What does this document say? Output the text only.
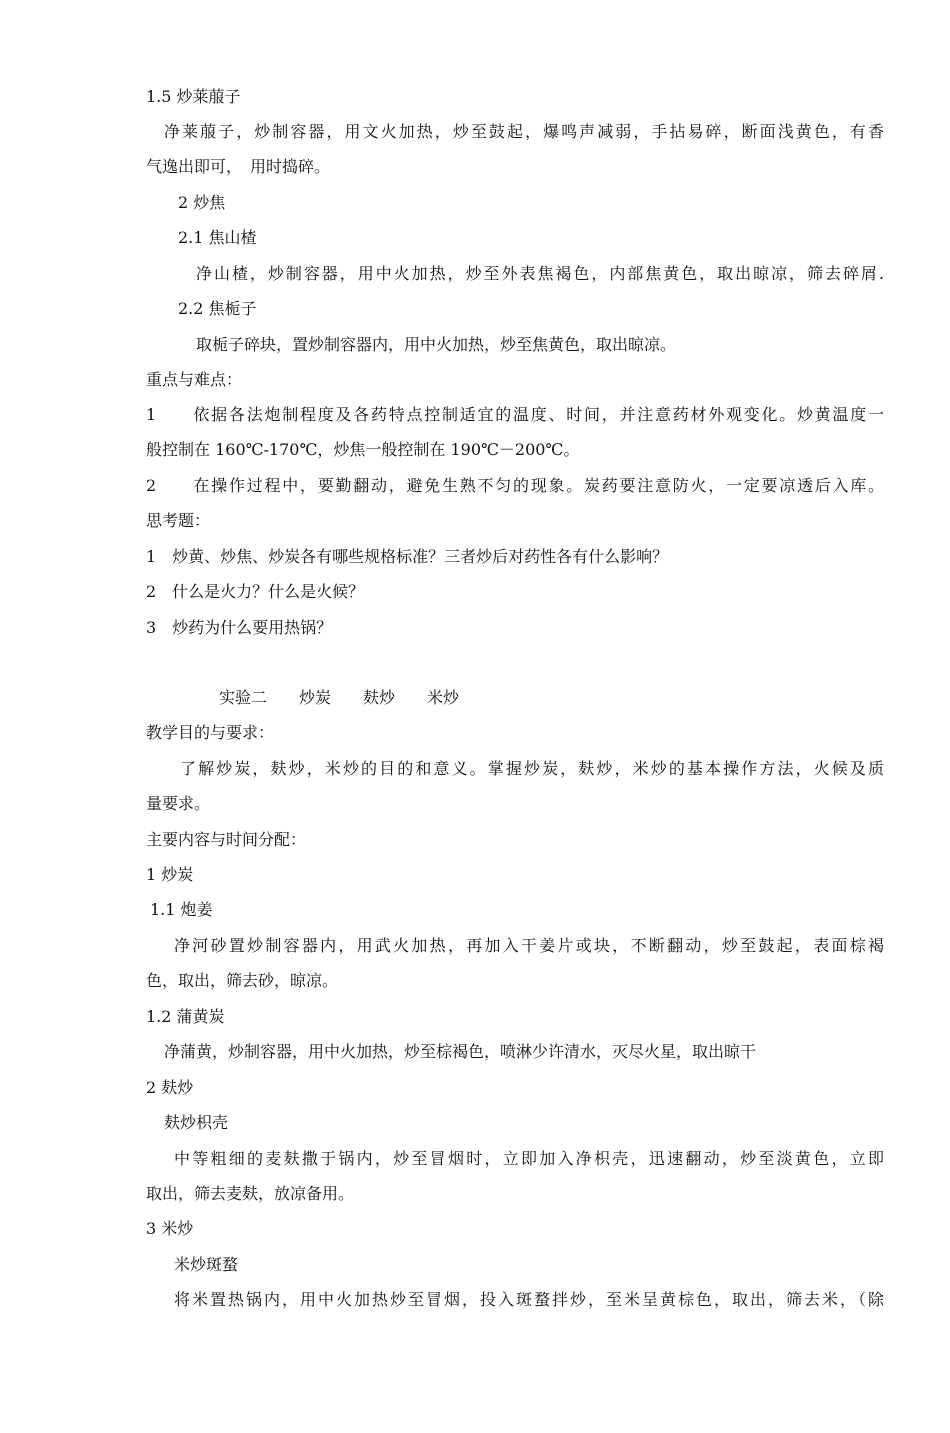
1.5 炒莱菔子
净莱菔子，炒制容器，用文火加热，炒至鼓起，爆鸣声减弱，手拈易碎，断面浅黄色，有香
气逸出即可，　用时捣碎。
2 炒焦
2.1 焦山楂
净山楂，炒制容器，用中火加热，炒至外表焦褐色，内部焦黄色，取出晾凉，筛去碎屑.
2.2 焦栀子
取栀子碎块，置炒制容器内，用中火加热，炒至焦黄色，取出晾凉。
重点与难点：
1　　依据各法炮制程度及各药特点控制适宜的温度、时间，并注意药材外观变化。炒黄温度一
般控制在 160℃-170℃，炒焦一般控制在 190℃－200℃。
2　　在操作过程中，要勤翻动，避免生熟不匀的现象。炭药要注意防火，一定要凉透后入库。
思考题：
1　炒黄、炒焦、炒炭各有哪些规格标准？三者炒后对药性各有什么影响？
2　什么是火力？什么是火候？
3　炒药为什么要用热锅？
实验二　　炒炭　　麸炒　　米炒
教学目的与要求：
了解炒炭，麸炒，米炒的目的和意义。掌握炒炭，麸炒，米炒的基本操作方法，火候及质
量要求。
主要内容与时间分配：
1 炒炭
1.1 炮姜
净河砂置炒制容器内，用武火加热，再加入干姜片或块，不断翻动，炒至鼓起，表面棕褐
色，取出，筛去砂，晾凉。
1.2 蒲黄炭
净蒲黄，炒制容器，用中火加热，炒至棕褐色，喷淋少许清水，灭尽火星，取出晾干
2 麸炒
麸炒枳壳
中等粗细的麦麸撒于锅内，炒至冒烟时，立即加入净枳壳，迅速翻动，炒至淡黄色，立即
取出，筛去麦麸，放凉备用。
3 米炒
米炒斑蝥
将米置热锅内，用中火加热炒至冒烟，投入斑蝥拌炒，至米呈黄棕色，取出，筛去米，（除
